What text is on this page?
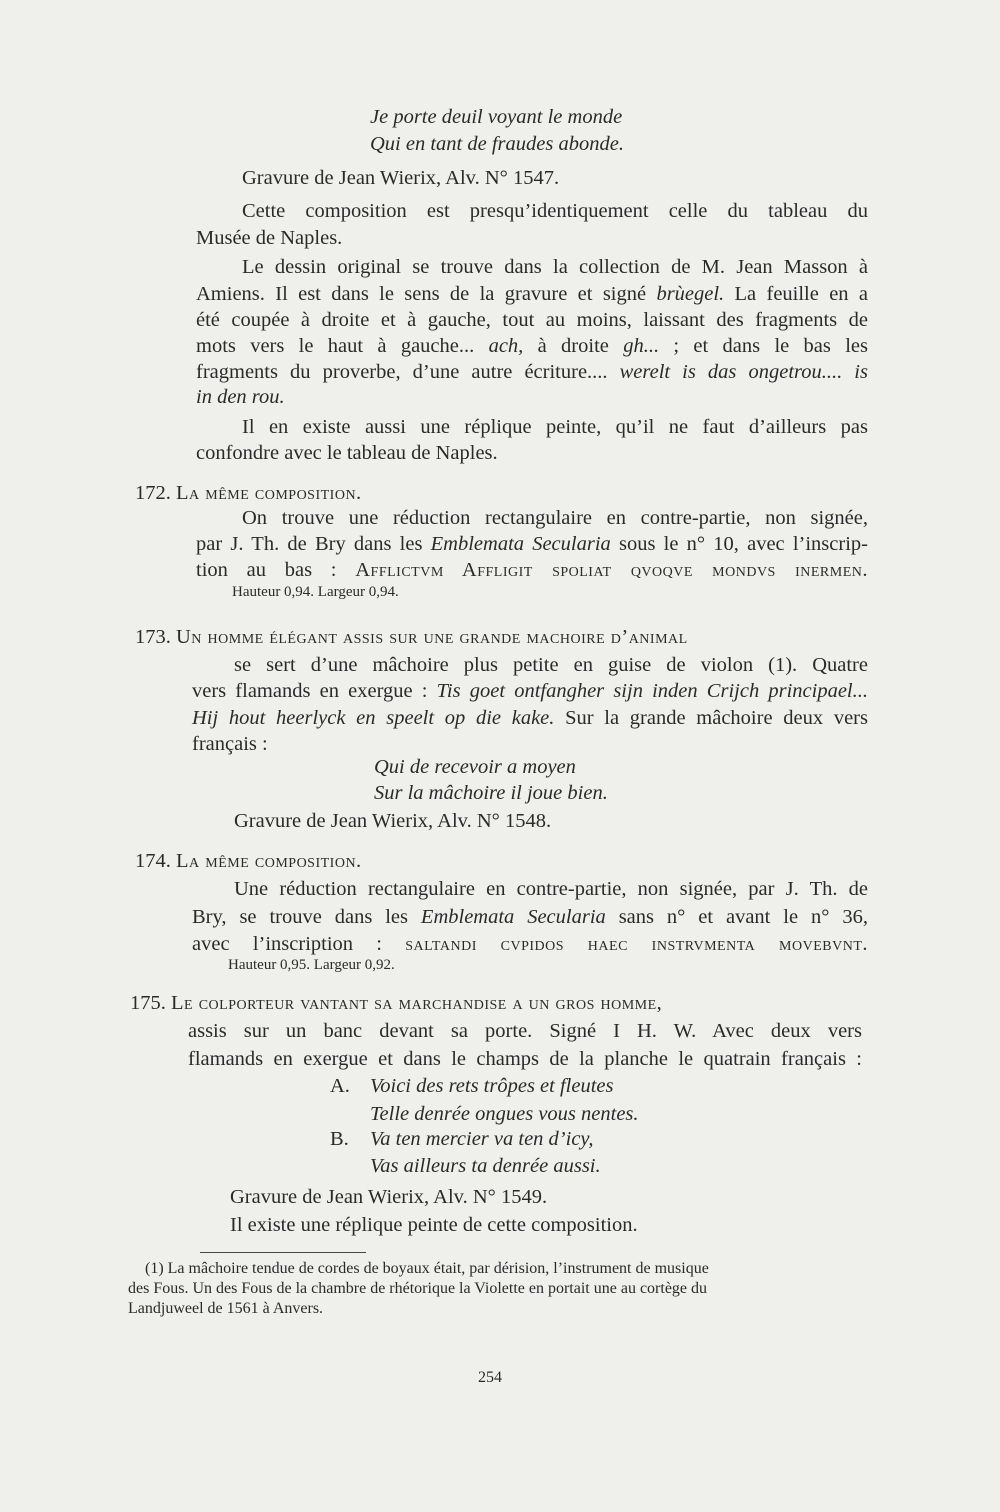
Je porte deuil voyant le monde
Qui en tant de fraudes abonde.
Gravure de Jean Wierix, Alv. N° 1547.
Cette composition est presqu’identiquement celle du tableau du
Musée de Naples.
Le dessin original se trouve dans la collection de M. Jean Masson à
Amiens. Il est dans le sens de la gravure et signé brùegel. La feuille en a
été coupée à droite et à gauche, tout au moins, laissant des fragments de
mots vers le haut à gauche... ach, à droite gh... ; et dans le bas les
fragments du proverbe, d’une autre écriture.... werelt is das ongetrou.... is
in den rou.
Il en existe aussi une réplique peinte, qu’il ne faut d’ailleurs pas
confondre avec le tableau de Naples.
172. La même composition.
On trouve une réduction rectangulaire en contre-partie, non signée,
par J. Th. de Bry dans les Emblemata Secularia sous le n° 10, avec l’inscrip-
tion au bas : Afflictvm Affligit spoliat qvoqve mondvs inermen.
Hauteur 0,94. Largeur 0,94.
173. Un homme élégant assis sur une grande machoire d’animal
se sert d’une mâchoire plus petite en guise de violon (1). Quatre
vers flamands en exergue : Tis goet ontfangher sijn inden Crijch principael...
Hij hout heerlyck en speelt op die kake. Sur la grande mâchoire deux vers
français :
Qui de recevoir a moyen
Sur la mâchoire il joue bien.
Gravure de Jean Wierix, Alv. N° 1548.
174. La même composition.
Une réduction rectangulaire en contre-partie, non signée, par J. Th. de
Bry, se trouve dans les Emblemata Secularia sans n° et avant le n° 36,
avec l’inscription : saltandi cvpidos haec instrvmenta movebvnt.
Hauteur 0,95. Largeur 0,92.
175. Le colporteur vantant sa marchandise a un gros homme,
assis sur un banc devant sa porte. Signé I H. W. Avec deux vers
flamands en exergue et dans le champs de la planche le quatrain français :
A. Voici des rets trôpes et fleutes
Telle denrée ongues vous nentes.
B. Va ten mercier va ten d’icy,
Vas ailleurs ta denrée aussi.
Gravure de Jean Wierix, Alv. N° 1549.
Il existe une réplique peinte de cette composition.
(1) La mâchoire tendue de cordes de boyaux était, par dérision, l’instrument de musique
des Fous. Un des Fous de la chambre de rhétorique la Violette en portait une au cortège du
Landjuweel de 1561 à Anvers.
254
